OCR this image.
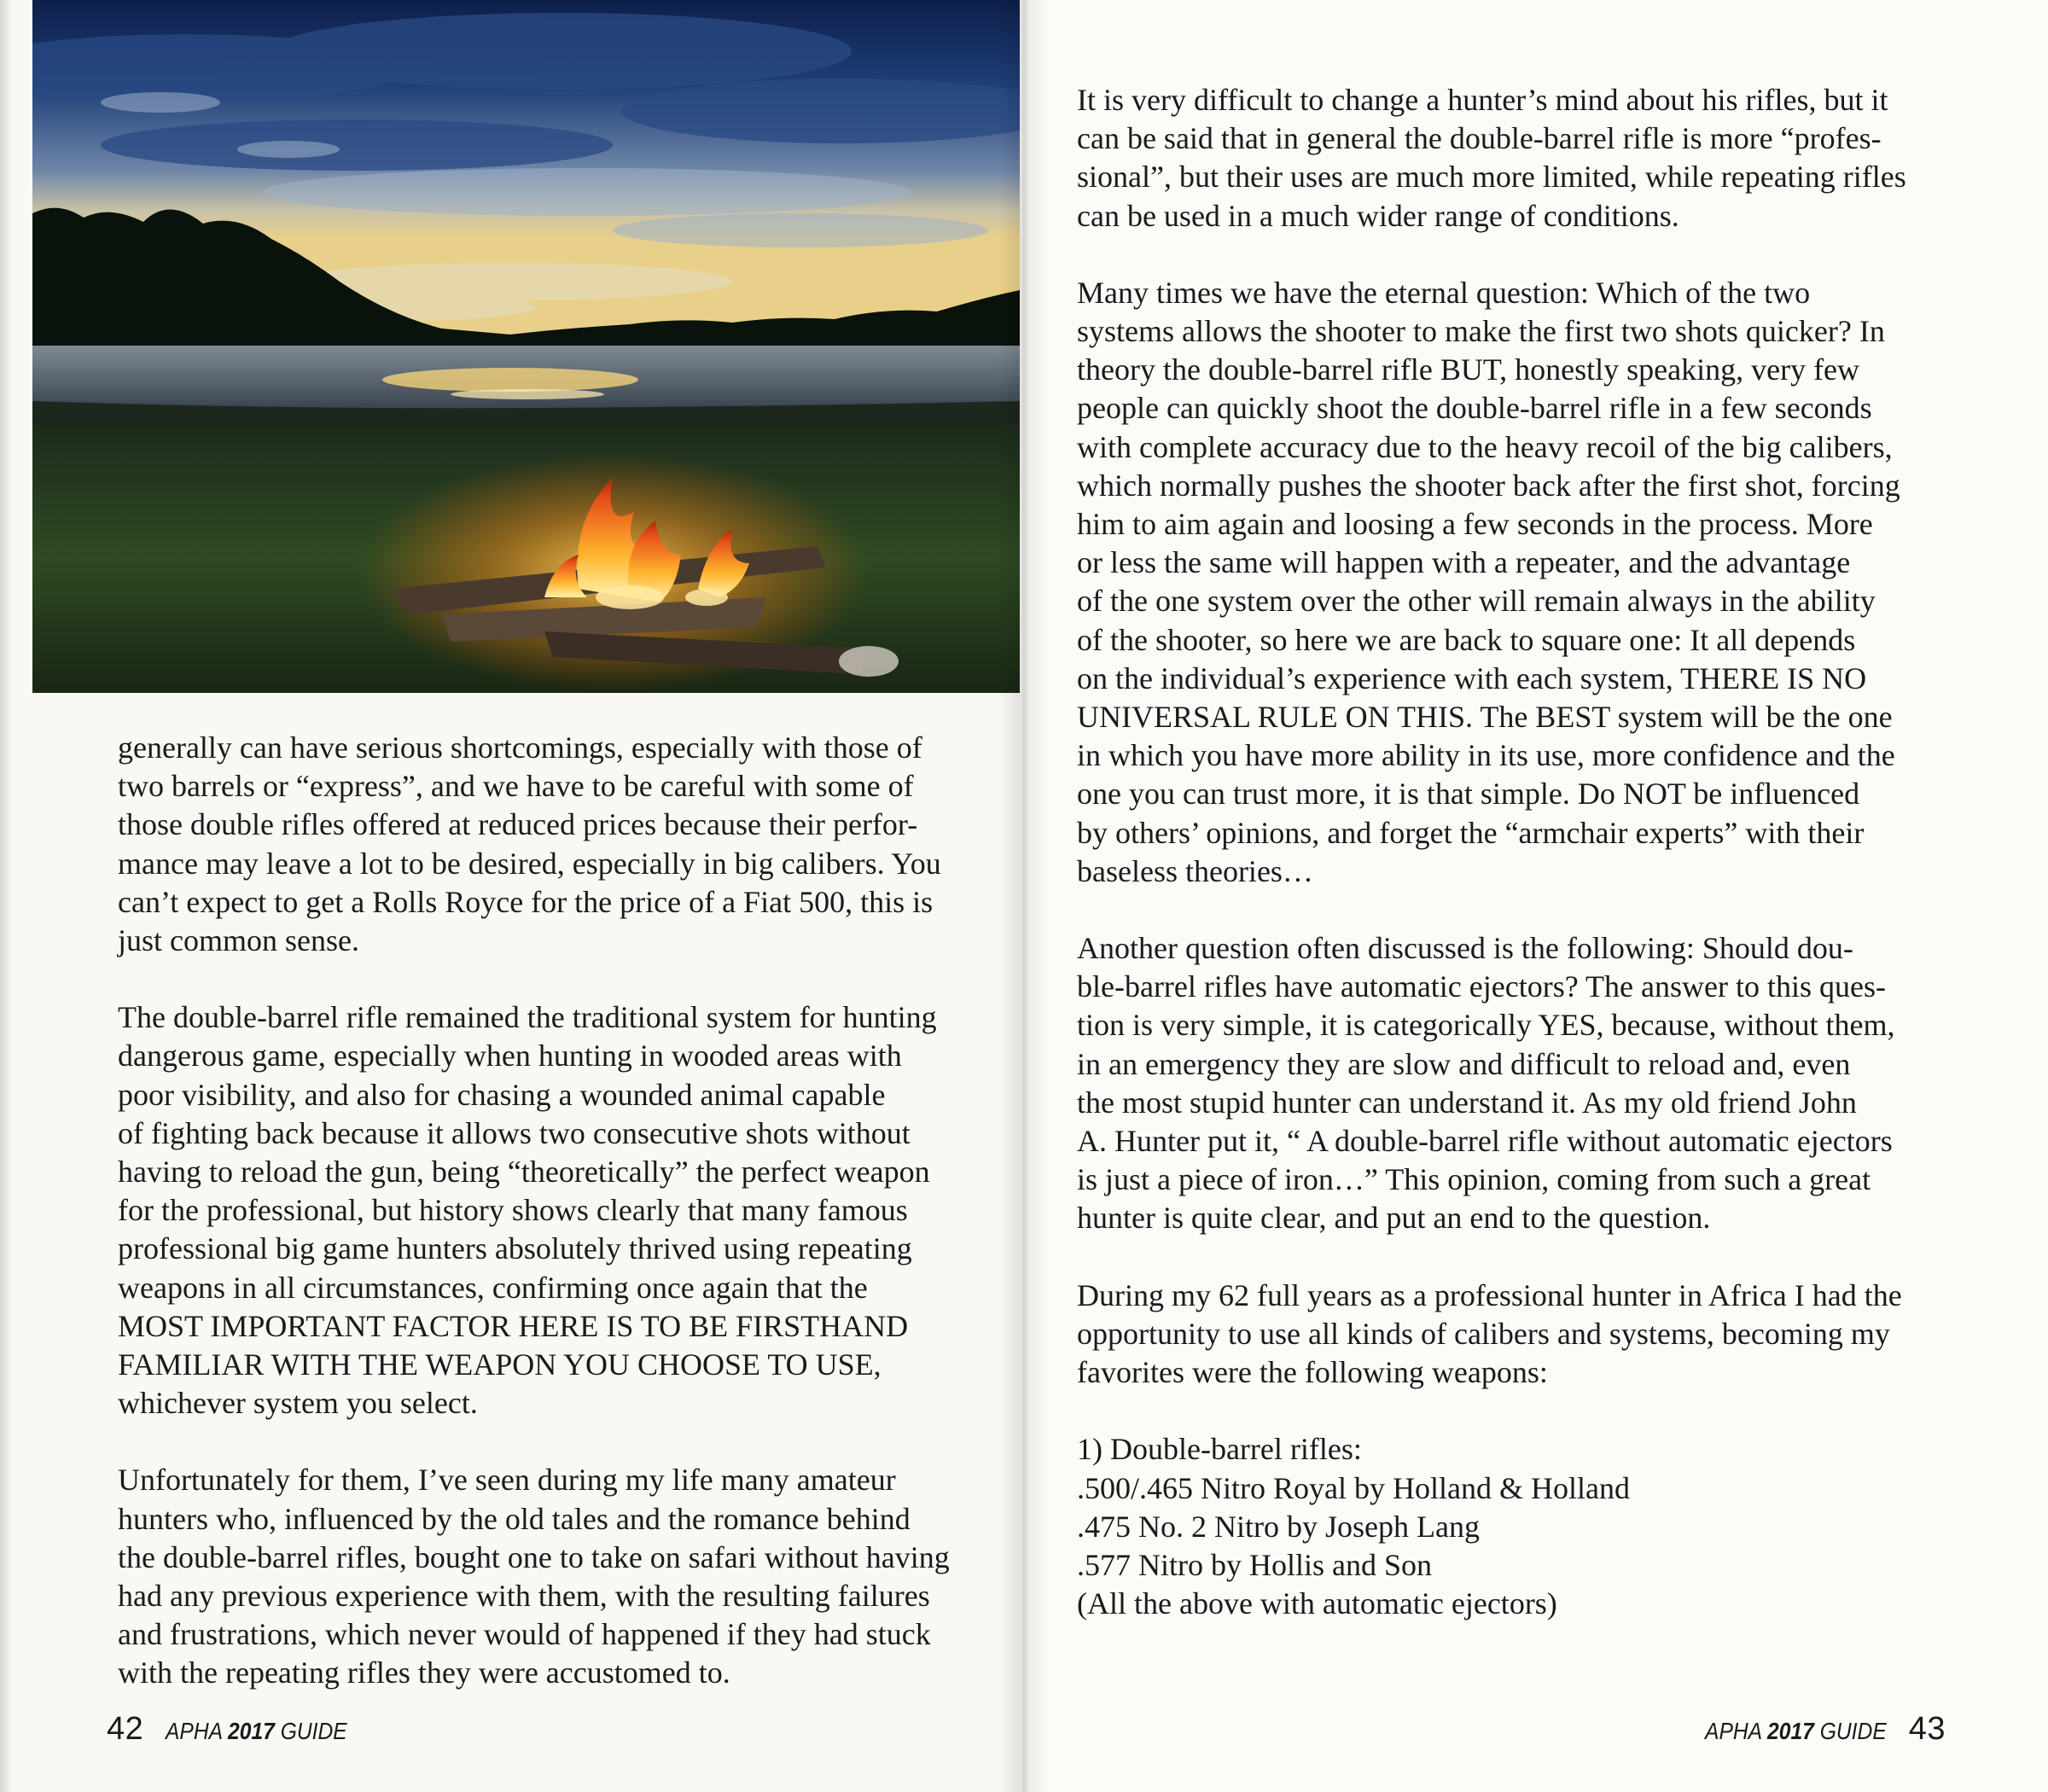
generally can have serious shortcomings, especially with those of
two barrels or “express”, and we have to be careful with some of
those double rifles offered at reduced prices because their perfor-
mance may leave a lot to be desired, especially in big calibers. You
can’t expect to get a Rolls Royce for the price of a Fiat 500, this is
just common sense.

The double-barrel rifle remained the traditional system for hunting
dangerous game, especially when hunting in wooded areas with
poor visibility, and also for chasing a wounded animal capable
of fighting back because it allows two consecutive shots without
having to reload the gun, being “theoretically” the perfect weapon
for the professional, but history shows clearly that many famous
professional big game hunters absolutely thrived using repeating
weapons in all circumstances, confirming once again that the
MOST IMPORTANT FACTOR HERE IS TO BE FIRSTHAND
FAMILIAR WITH THE WEAPON YOU CHOOSE TO USE,
whichever system you select.

Unfortunately for them, I’ve seen during my life many amateur
hunters who, influenced by the old tales and the romance behind
the double-barrel rifles, bought one to take on safari without having
had any previous experience with them, with the resulting failures
and frustrations, which never would of happened if they had stuck
with the repeating rifles they were accustomed to.

42 APHA 2017 GUIDE

It is very difficult to change a hunter’s mind about his rifles, but it
can be said that in general the double-barrel rifle is more “profes-
sional”, but their uses are much more limited, while repeating rifles
can be used in a much wider range of conditions.

Many times we have the eternal question: Which of the two
systems allows the shooter to make the first two shots quicker? In
theory the double-barrel rifle BUT, honestly speaking, very few
people can quickly shoot the double-barrel rifle in a few seconds
with complete accuracy due to the heavy recoil of the big calibers,
which normally pushes the shooter back after the first shot, forcing
him to aim again and loosing a few seconds in the process. More
or less the same will happen with a repeater, and the advantage
of the one system over the other will remain always in the ability
of the shooter, so here we are back to square one: It all depends
on the individual’s experience with each system, THERE IS NO
UNIVERSAL RULE ON THIS. The BEST system will be the one
in which you have more ability in its use, more confidence and the
one you can trust more, it is that simple. Do NOT be influenced
by others’ opinions, and forget the “armchair experts” with their
baseless theories…

Another question often discussed is the following: Should dou-
ble-barrel rifles have automatic ejectors? The answer to this ques-
tion is very simple, it is categorically YES, because, without them,
in an emergency they are slow and difficult to reload and, even
the most stupid hunter can understand it. As my old friend John
A. Hunter put it, “ A double-barrel rifle without automatic ejectors
is just a piece of iron…” This opinion, coming from such a great
hunter is quite clear, and put an end to the question.

During my 62 full years as a professional hunter in Africa I had the
opportunity to use all kinds of calibers and systems, becoming my
favorites were the following weapons:

1) Double-barrel rifles:
.500/.465 Nitro Royal by Holland & Holland
.475 No. 2 Nitro by Joseph Lang
.577 Nitro by Hollis and Son
(All the above with automatic ejectors)

APHA 2017 GUIDE 43
